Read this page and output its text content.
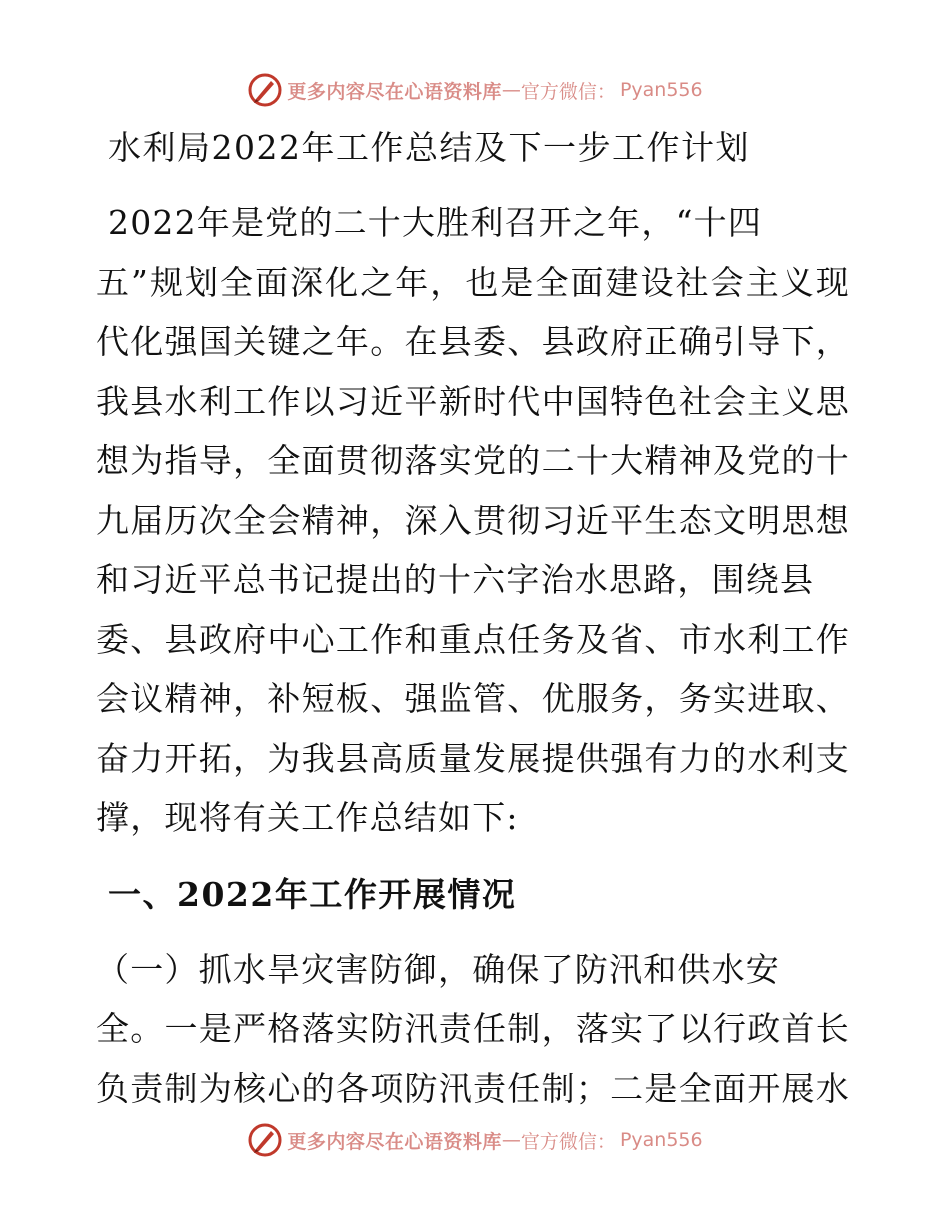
更多内容尽在心语资料库 — 官方微信： Pyan556
水利局2022年工作总结及下一步工作计划

2022年是党的二十大胜利召开之年，“十四
五”规划全面深化之年，也是全面建设社会主义现
代化强国关键之年。在县委、县政府正确引导下，
我县水利工作以习近平新时代中国特色社会主义思
想为指导，全面贯彻落实党的二十大精神及党的十
九届历次全会精神，深入贯彻习近平生态文明思想
和习近平总书记提出的十六字治水思路，围绕县
委、县政府中心工作和重点任务及省、市水利工作
会议精神，补短板、强监管、优服务，务实进取、
奋力开拓，为我县高质量发展提供强有力的水利支
撑，现将有关工作总结如下:

一、2022年工作开展情况

（一）抓水旱灾害防御，确保了防汛和供水安
全。一是严格落实防汛责任制，落实了以行政首长
负责制为核心的各项防汛责任制；二是全面开展水

更多内容尽在心语资料库 — 官方微信： Pyan556
